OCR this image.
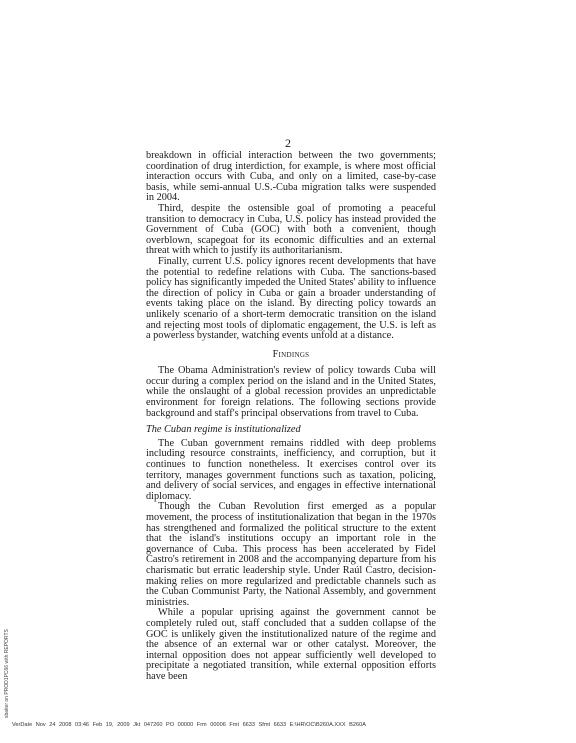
2

breakdown in official interaction between the two governments; coordination of drug interdiction, for example, is where most official interaction occurs with Cuba, and only on a limited, case-by-case basis, while semi-annual U.S.-Cuba migration talks were suspended in 2004.

Third, despite the ostensible goal of promoting a peaceful transition to democracy in Cuba, U.S. policy has instead provided the Government of Cuba (GOC) with both a convenient, though overblown, scapegoat for its economic difficulties and an external threat with which to justify its authoritarianism.

Finally, current U.S. policy ignores recent developments that have the potential to redefine relations with Cuba. The sanctions-based policy has significantly impeded the United States' ability to influence the direction of policy in Cuba or gain a broader understanding of events taking place on the island. By directing policy towards an unlikely scenario of a short-term democratic transition on the island and rejecting most tools of diplomatic engagement, the U.S. is left as a powerless bystander, watching events unfold at a distance.

Findings

The Obama Administration's review of policy towards Cuba will occur during a complex period on the island and in the United States, while the onslaught of a global recession provides an unpredictable environment for foreign relations. The following sections provide background and staff's principal observations from travel to Cuba.

The Cuban regime is institutionalized

The Cuban government remains riddled with deep problems including resource constraints, inefficiency, and corruption, but it continues to function nonetheless. It exercises control over its territory, manages government functions such as taxation, policing, and delivery of social services, and engages in effective international diplomacy.

Though the Cuban Revolution first emerged as a popular movement, the process of institutionalization that began in the 1970s has strengthened and formalized the political structure to the extent that the island's institutions occupy an important role in the governance of Cuba. This process has been accelerated by Fidel Castro's retirement in 2008 and the accompanying departure from his charismatic but erratic leadership style. Under Raúl Castro, decision-making relies on more regularized and predictable channels such as the Cuban Communist Party, the National Assembly, and government ministries.

While a popular uprising against the government cannot be completely ruled out, staff concluded that a sudden collapse of the GOC is unlikely given the institutionalized nature of the regime and the absence of an external war or other catalyst. Moreover, the internal opposition does not appear sufficiently well developed to precipitate a negotiated transition, while external opposition efforts have been

sbaker on PROD1PC66 with REPORTS
VerDate Nov 24 2008 03:46 Feb 19, 2009 Jkt 047260 PO 00000 Frm 00006 Fmt 6633 Sfmt 6633 E:\HR\OC\B260A.XXX B260A
